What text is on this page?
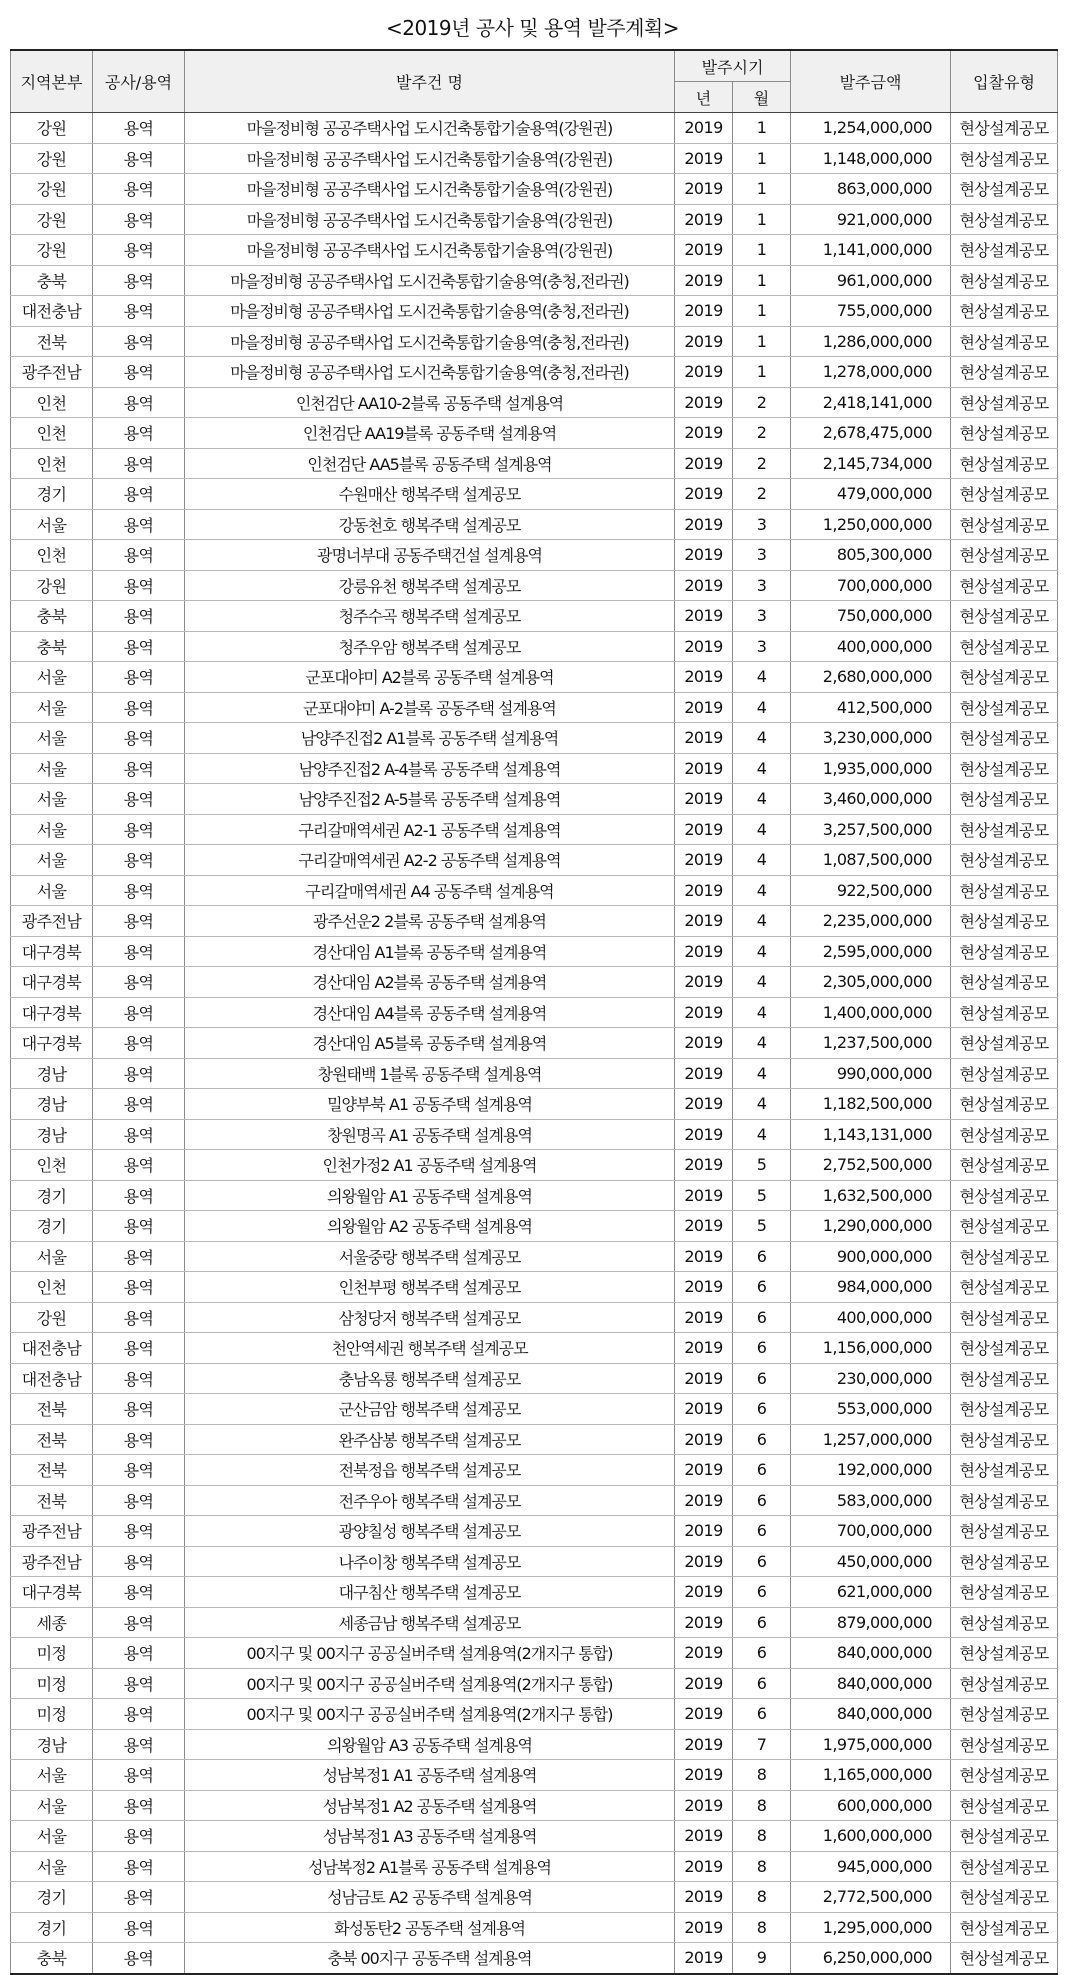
<2019년 공사 및 용역 발주계획>
지역본부	공사/용역	발주건 명	발주시기		발주금액	입찰유형
			년	월		
강원	용역	마을정비형 공공주택사업 도시건축통합기술용역(강원권)	2019	1	1,254,000,000	현상설계공모
강원	용역	마을정비형 공공주택사업 도시건축통합기술용역(강원권)	2019	1	1,148,000,000	현상설계공모
강원	용역	마을정비형 공공주택사업 도시건축통합기술용역(강원권)	2019	1	863,000,000	현상설계공모
강원	용역	마을정비형 공공주택사업 도시건축통합기술용역(강원권)	2019	1	921,000,000	현상설계공모
강원	용역	마을정비형 공공주택사업 도시건축통합기술용역(강원권)	2019	1	1,141,000,000	현상설계공모
충북	용역	마을정비형 공공주택사업 도시건축통합기술용역(충청,전라권)	2019	1	961,000,000	현상설계공모
대전충남	용역	마을정비형 공공주택사업 도시건축통합기술용역(충청,전라권)	2019	1	755,000,000	현상설계공모
전북	용역	마을정비형 공공주택사업 도시건축통합기술용역(충청,전라권)	2019	1	1,286,000,000	현상설계공모
광주전남	용역	마을정비형 공공주택사업 도시건축통합기술용역(충청,전라권)	2019	1	1,278,000,000	현상설계공모
인천	용역	인천검단 AA10-2블록 공동주택 설계용역	2019	2	2,418,141,000	현상설계공모
인천	용역	인천검단 AA19블록 공동주택 설계용역	2019	2	2,678,475,000	현상설계공모
인천	용역	인천검단 AA5블록 공동주택 설계용역	2019	2	2,145,734,000	현상설계공모
경기	용역	수원매산 행복주택 설계공모	2019	2	479,000,000	현상설계공모
서울	용역	강동천호 행복주택 설계공모	2019	3	1,250,000,000	현상설계공모
인천	용역	광명너부대 공동주택건설 설계용역	2019	3	805,300,000	현상설계공모
강원	용역	강릉유천 행복주택 설계공모	2019	3	700,000,000	현상설계공모
충북	용역	청주수곡 행복주택 설계공모	2019	3	750,000,000	현상설계공모
충북	용역	청주우암 행복주택 설계공모	2019	3	400,000,000	현상설계공모
서울	용역	군포대야미 A2블록 공동주택 설계용역	2019	4	2,680,000,000	현상설계공모
서울	용역	군포대야미 A-2블록 공동주택 설계용역	2019	4	412,500,000	현상설계공모
서울	용역	남양주진접2 A1블록 공동주택 설계용역	2019	4	3,230,000,000	현상설계공모
서울	용역	남양주진접2 A-4블록 공동주택 설계용역	2019	4	1,935,000,000	현상설계공모
서울	용역	남양주진접2 A-5블록 공동주택 설계용역	2019	4	3,460,000,000	현상설계공모
서울	용역	구리갈매역세권 A2-1 공동주택 설계용역	2019	4	3,257,500,000	현상설계공모
서울	용역	구리갈매역세권 A2-2 공동주택 설계용역	2019	4	1,087,500,000	현상설계공모
서울	용역	구리갈매역세권 A4 공동주택 설계용역	2019	4	922,500,000	현상설계공모
광주전남	용역	광주선운2 2블록 공동주택 설계용역	2019	4	2,235,000,000	현상설계공모
대구경북	용역	경산대임 A1블록 공동주택 설계용역	2019	4	2,595,000,000	현상설계공모
대구경북	용역	경산대임 A2블록 공동주택 설계용역	2019	4	2,305,000,000	현상설계공모
대구경북	용역	경산대임 A4블록 공동주택 설계용역	2019	4	1,400,000,000	현상설계공모
대구경북	용역	경산대임 A5블록 공동주택 설계용역	2019	4	1,237,500,000	현상설계공모
경남	용역	창원태백 1블록 공동주택 설계용역	2019	4	990,000,000	현상설계공모
경남	용역	밀양부북 A1 공동주택 설계용역	2019	4	1,182,500,000	현상설계공모
경남	용역	창원명곡 A1 공동주택 설계용역	2019	4	1,143,131,000	현상설계공모
인천	용역	인천가정2 A1 공동주택 설계용역	2019	5	2,752,500,000	현상설계공모
경기	용역	의왕월암 A1 공동주택 설계용역	2019	5	1,632,500,000	현상설계공모
경기	용역	의왕월암 A2 공동주택 설계용역	2019	5	1,290,000,000	현상설계공모
서울	용역	서울중랑 행복주택 설계공모	2019	6	900,000,000	현상설계공모
인천	용역	인천부평 행복주택 설계공모	2019	6	984,000,000	현상설계공모
강원	용역	삼청당저 행복주택 설계공모	2019	6	400,000,000	현상설계공모
대전충남	용역	천안역세권 행복주택 설계공모	2019	6	1,156,000,000	현상설계공모
대전충남	용역	충남옥룡 행복주택 설계공모	2019	6	230,000,000	현상설계공모
전북	용역	군산금암 행복주택 설계공모	2019	6	553,000,000	현상설계공모
전북	용역	완주삼봉 행복주택 설계공모	2019	6	1,257,000,000	현상설계공모
전북	용역	전북정읍 행복주택 설계공모	2019	6	192,000,000	현상설계공모
전북	용역	전주우아 행복주택 설계공모	2019	6	583,000,000	현상설계공모
광주전남	용역	광양칠성 행복주택 설계공모	2019	6	700,000,000	현상설계공모
광주전남	용역	나주이창 행복주택 설계공모	2019	6	450,000,000	현상설계공모
대구경북	용역	대구침산 행복주택 설계공모	2019	6	621,000,000	현상설계공모
세종	용역	세종금남 행복주택 설계공모	2019	6	879,000,000	현상설계공모
미정	용역	00지구 및 00지구 공공실버주택 설계용역(2개지구 통합)	2019	6	840,000,000	현상설계공모
미정	용역	00지구 및 00지구 공공실버주택 설계용역(2개지구 통합)	2019	6	840,000,000	현상설계공모
미정	용역	00지구 및 00지구 공공실버주택 설계용역(2개지구 통합)	2019	6	840,000,000	현상설계공모
경남	용역	의왕월암 A3 공동주택 설계용역	2019	7	1,975,000,000	현상설계공모
서울	용역	성남복정1 A1 공동주택 설계용역	2019	8	1,165,000,000	현상설계공모
서울	용역	성남복정1 A2 공동주택 설계용역	2019	8	600,000,000	현상설계공모
서울	용역	성남복정1 A3 공동주택 설계용역	2019	8	1,600,000,000	현상설계공모
서울	용역	성남복정2 A1블록 공동주택 설계용역	2019	8	945,000,000	현상설계공모
경기	용역	성남금토 A2 공동주택 설계용역	2019	8	2,772,500,000	현상설계공모
경기	용역	화성동탄2 공동주택 설계용역	2019	8	1,295,000,000	현상설계공모
충북	용역	충북 00지구 공동주택 설계용역	2019	9	6,250,000,000	현상설계공모
